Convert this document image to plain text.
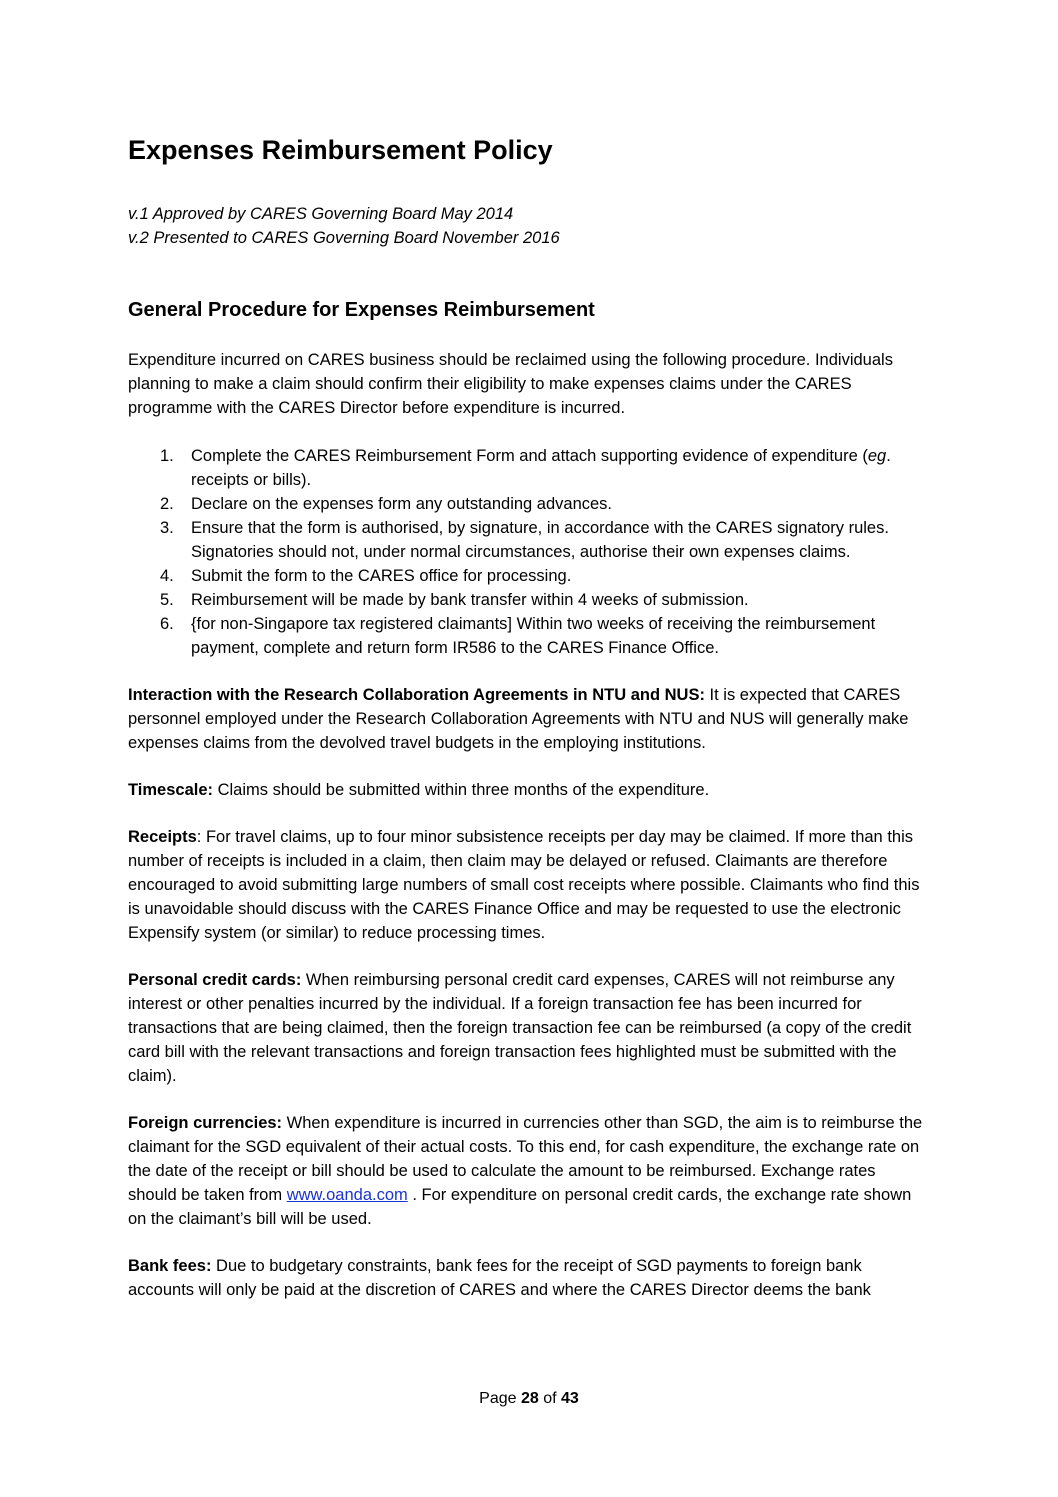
Expenses Reimbursement Policy
v.1 Approved by CARES Governing Board May 2014
v.2 Presented to CARES Governing Board November 2016
General Procedure for Expenses Reimbursement

Expenditure incurred on CARES business should be reclaimed using the following procedure. Individuals planning to make a claim should confirm their eligibility to make expenses claims under the CARES programme with the CARES Director before expenditure is incurred.

1. Complete the CARES Reimbursement Form and attach supporting evidence of expenditure (eg. receipts or bills).
2. Declare on the expenses form any outstanding advances.
3. Ensure that the form is authorised, by signature, in accordance with the CARES signatory rules. Signatories should not, under normal circumstances, authorise their own expenses claims.
4. Submit the form to the CARES office for processing.
5. Reimbursement will be made by bank transfer within 4 weeks of submission.
6. {for non-Singapore tax registered claimants] Within two weeks of receiving the reimbursement payment, complete and return form IR586 to the CARES Finance Office.

Interaction with the Research Collaboration Agreements in NTU and NUS: It is expected that CARES personnel employed under the Research Collaboration Agreements with NTU and NUS will generally make expenses claims from the devolved travel budgets in the employing institutions.

Timescale: Claims should be submitted within three months of the expenditure.

Receipts: For travel claims, up to four minor subsistence receipts per day may be claimed. If more than this number of receipts is included in a claim, then claim may be delayed or refused. Claimants are therefore encouraged to avoid submitting large numbers of small cost receipts where possible. Claimants who find this is unavoidable should discuss with the CARES Finance Office and may be requested to use the electronic Expensify system (or similar) to reduce processing times.

Personal credit cards: When reimbursing personal credit card expenses, CARES will not reimburse any interest or other penalties incurred by the individual. If a foreign transaction fee has been incurred for transactions that are being claimed, then the foreign transaction fee can be reimbursed (a copy of the credit card bill with the relevant transactions and foreign transaction fees highlighted must be submitted with the claim).

Foreign currencies: When expenditure is incurred in currencies other than SGD, the aim is to reimburse the claimant for the SGD equivalent of their actual costs. To this end, for cash expenditure, the exchange rate on the date of the receipt or bill should be used to calculate the amount to be reimbursed. Exchange rates should be taken from www.oanda.com . For expenditure on personal credit cards, the exchange rate shown on the claimant’s bill will be used.

Bank fees: Due to budgetary constraints, bank fees for the receipt of SGD payments to foreign bank accounts will only be paid at the discretion of CARES and where the CARES Director deems the bank

Page 28 of 43
